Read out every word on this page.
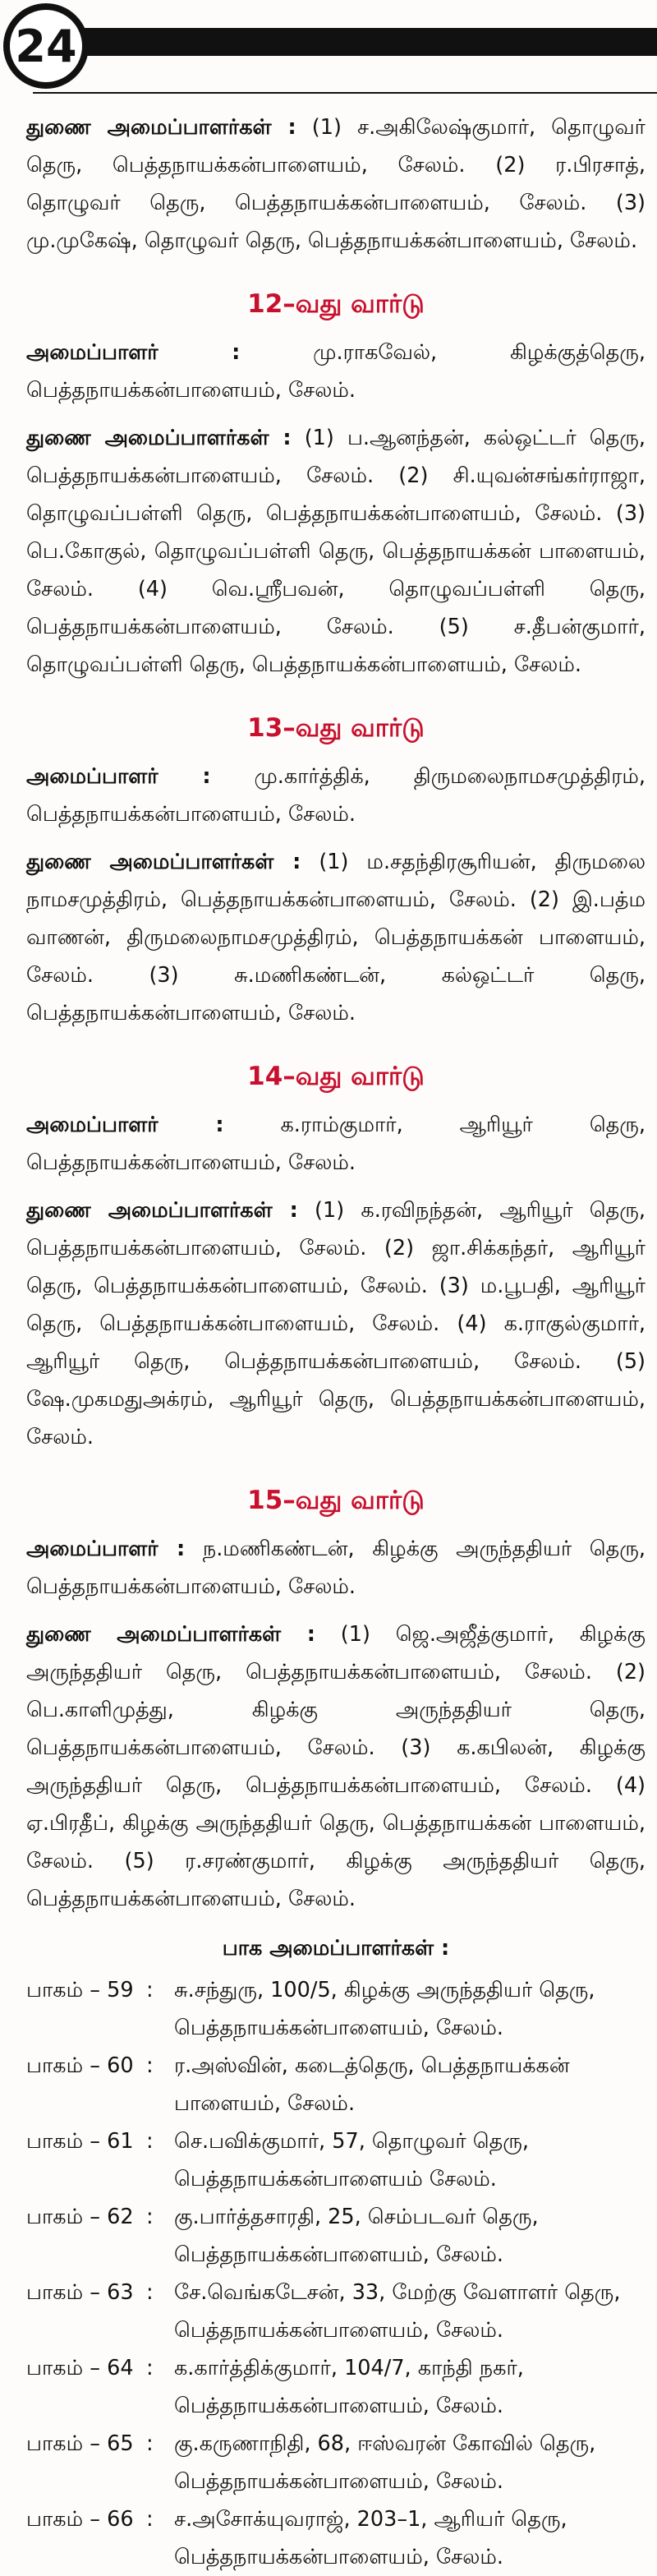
24
துணை அமைப்பாளர்கள் : (1) ச.அகிலேஷ்குமார், தொழுவர் தெரு, பெத்தநாயக்கன்பாளையம், சேலம். (2) ர.பிரசாத், தொழுவர் தெரு, பெத்தநாயக்கன்பாளையம், சேலம். (3) மு.முகேஷ், தொழுவர் தெரு, பெத்தநாயக்கன்பாளையம், சேலம்.
12–வது வார்டு
அமைப்பாளர் :	மு.ராகவேல், கிழக்குத்தெரு, பெத்தநாயக்கன்பாளையம், சேலம்.
துணை அமைப்பாளர்கள் : (1) ப.ஆனந்தன், கல்ஒட்டர் தெரு, பெத்தநாயக்கன்பாளையம், சேலம். (2) சி.யுவன்சங்கர்ராஜா, தொழுவப்பள்ளி தெரு, பெத்தநாயக்கன்பாளையம், சேலம். (3) பெ.கோகுல், தொழுவப்பள்ளி தெரு, பெத்தநாயக்கன் பாளையம், சேலம். (4) வெ.ஸ்ரீபவன், தொழுவப்பள்ளி தெரு, பெத்தநாயக்கன்பாளையம், சேலம். (5) ச.தீபன்குமார், தொழுவப்பள்ளி தெரு, பெத்தநாயக்கன்பாளையம், சேலம்.
13–வது வார்டு
அமைப்பாளர் : மு.கார்த்திக், திருமலைநாமசமுத்திரம், பெத்தநாயக்கன்பாளையம், சேலம்.
துணை அமைப்பாளர்கள் : (1) ம.சதந்திரசூரியன், திருமலை நாமசமுத்திரம், பெத்தநாயக்கன்பாளையம், சேலம். (2) இ.பத்ம வாணன், திருமலைநாமசமுத்திரம், பெத்தநாயக்கன் பாளையம், சேலம். (3) சு.மணிகண்டன், கல்ஒட்டர் தெரு, பெத்தநாயக்கன்பாளையம், சேலம்.
14–வது வார்டு
அமைப்பாளர் :	க.ராம்குமார், ஆரியூர் தெரு, பெத்தநாயக்கன்பாளையம், சேலம்.
துணை அமைப்பாளர்கள் : (1) க.ரவிநந்தன், ஆரியூர் தெரு, பெத்தநாயக்கன்பாளையம், சேலம். (2) ஜா.சிக்கந்தர், ஆரியூர் தெரு, பெத்தநாயக்கன்பாளையம், சேலம். (3) ம.பூபதி, ஆரியூர் தெரு, பெத்தநாயக்கன்பாளையம், சேலம். (4) க.ராகுல்குமார், ஆரியூர் தெரு, பெத்தநாயக்கன்பாளையம், சேலம். (5) ஷே.முகமதுஅக்ரம், ஆரியூர் தெரு, பெத்தநாயக்கன்பாளையம், சேலம்.
15–வது வார்டு
அமைப்பாளர் : ந.மணிகண்டன், கிழக்கு அருந்ததியர் தெரு, பெத்தநாயக்கன்பாளையம், சேலம்.
துணை அமைப்பாளர்கள் : (1) ஜெ.அஜீத்குமார், கிழக்கு அருந்ததியர் தெரு, பெத்தநாயக்கன்பாளையம், சேலம். (2) பெ.காளிமுத்து, கிழக்கு அருந்ததியர் தெரு, பெத்தநாயக்கன்பாளையம், சேலம். (3) க.கபிலன், கிழக்கு அருந்ததியர் தெரு, பெத்தநாயக்கன்பாளையம், சேலம். (4) ஏ.பிரதீப், கிழக்கு அருந்ததியர் தெரு, பெத்தநாயக்கன் பாளையம், சேலம். (5) ர.சரண்குமார், கிழக்கு அருந்ததியர் தெரு, பெத்தநாயக்கன்பாளையம், சேலம்.
பாக அமைப்பாளர்கள் :
பாகம் – 59 : சு.சந்துரு, 100/5, கிழக்கு அருந்ததியர் தெரு, பெத்தநாயக்கன்பாளையம், சேலம்.
பாகம் – 60 : ர.அஸ்வின், கடைத்தெரு, பெத்தநாயக்கன் பாளையம், சேலம்.
பாகம் – 61 : செ.பவிக்குமார், 57, தொழுவர் தெரு, பெத்தநாயக்கன்பாளையம் சேலம்.
பாகம் – 62 : கு.பார்த்தசாரதி, 25, செம்படவர் தெரு, பெத்தநாயக்கன்பாளையம், சேலம்.
பாகம் – 63 : சே.வெங்கடேசன், 33, மேற்கு வேளாளர் தெரு, பெத்தநாயக்கன்பாளையம், சேலம்.
பாகம் – 64 : க.கார்த்திக்குமார், 104/7, காந்தி நகர், பெத்தநாயக்கன்பாளையம், சேலம்.
பாகம் – 65 : கு.கருணாநிதி, 68, ஈஸ்வரன் கோவில் தெரு, பெத்தநாயக்கன்பாளையம், சேலம்.
பாகம் – 66 : ச.அசோக்யுவராஜ், 203–1, ஆரியர் தெரு, பெத்தநாயக்கன்பாளையம், சேலம்.
